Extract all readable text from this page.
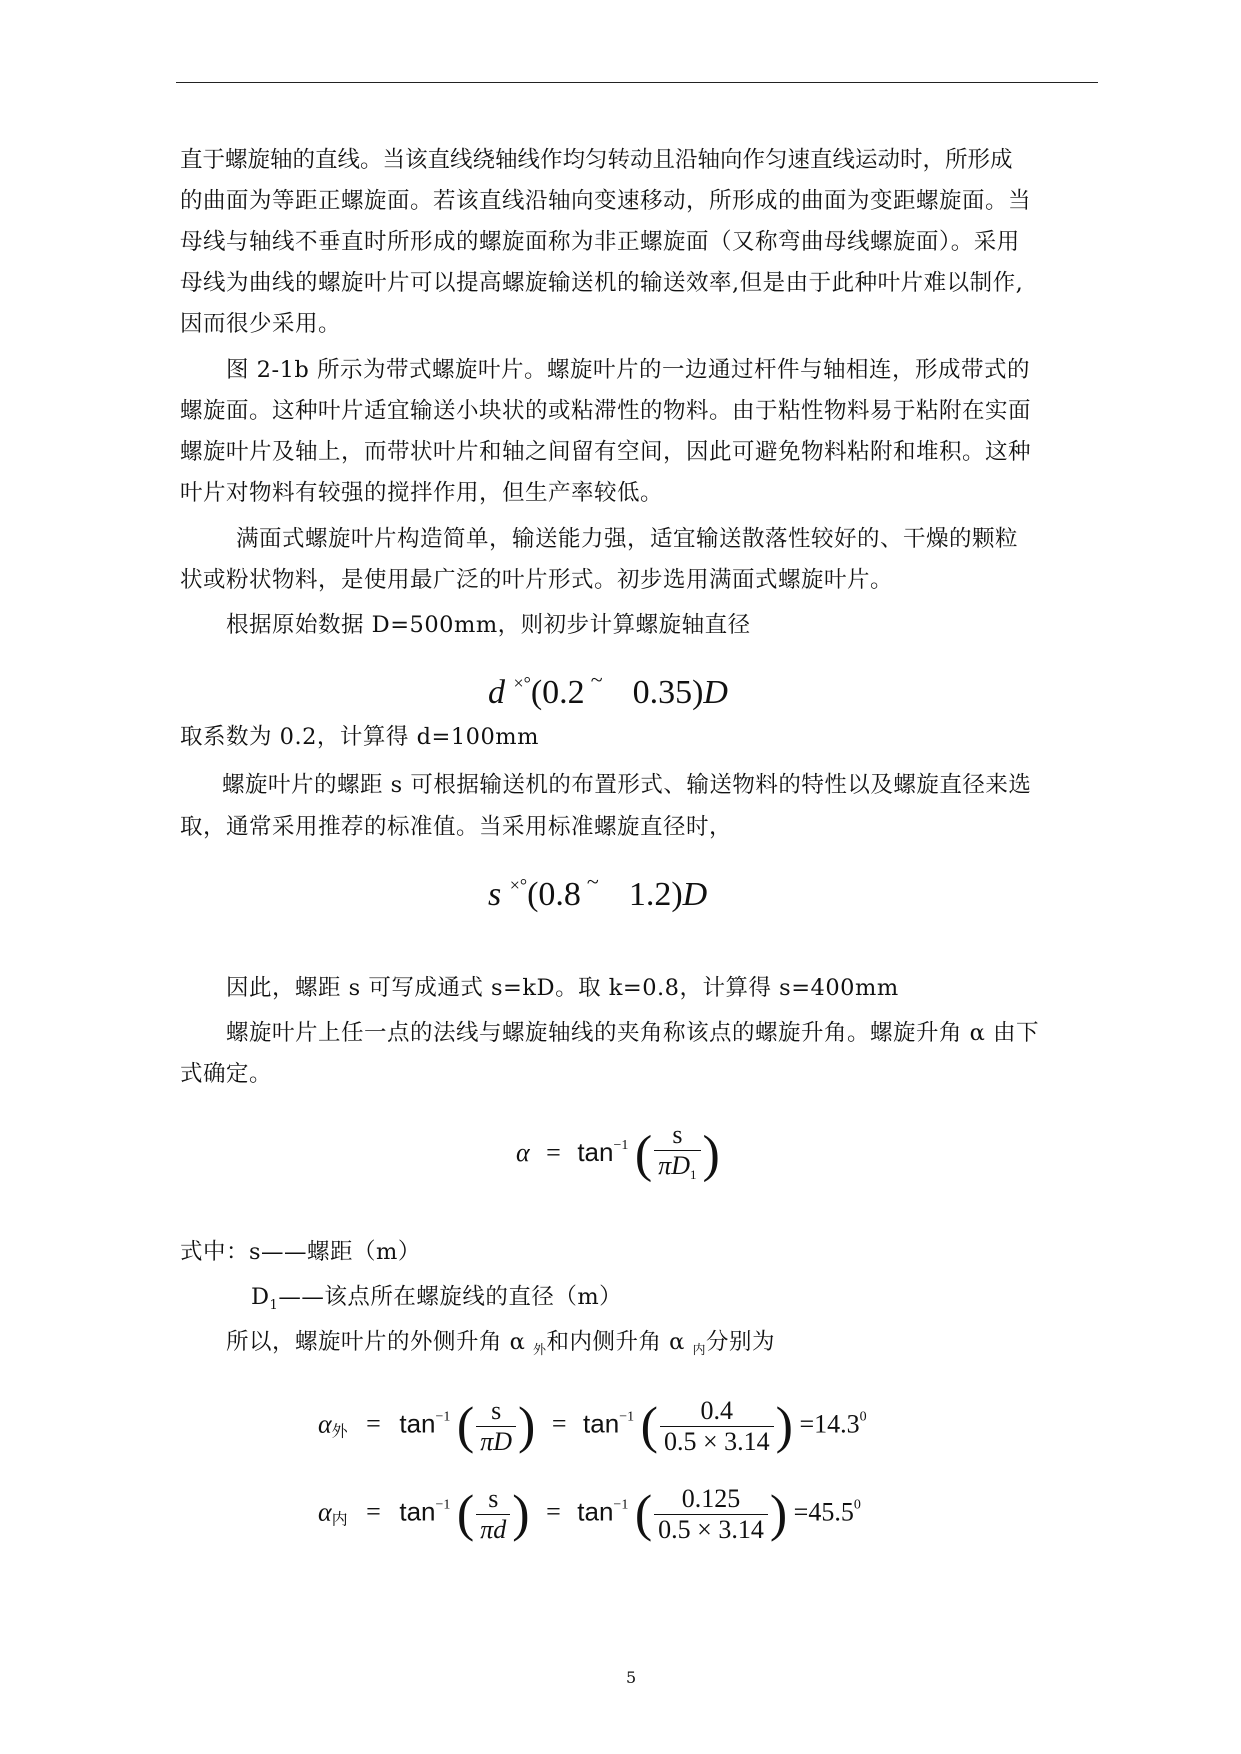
直于螺旋轴的直线。当该直线绕轴线作均匀转动且沿轴向作匀速直线运动时，所形成
的曲面为等距正螺旋面。若该直线沿轴向变速移动，所形成的曲面为变距螺旋面。当
母线与轴线不垂直时所形成的螺旋面称为非正螺旋面（又称弯曲母线螺旋面）。采用
母线为曲线的螺旋叶片可以提高螺旋输送机的输送效率,但是由于此种叶片难以制作,
因而很少采用。
图 2-1b 所示为带式螺旋叶片。螺旋叶片的一边通过杆件与轴相连，形成带式的
螺旋面。这种叶片适宜输送小块状的或粘滞性的物料。由于粘性物料易于粘附在实面
螺旋叶片及轴上，而带状叶片和轴之间留有空间，因此可避免物料粘附和堆积。这种
叶片对物料有较强的搅拌作用，但生产率较低。
满面式螺旋叶片构造简单，输送能力强，适宜输送散落性较好的、干燥的颗粒
状或粉状物料，是使用最广泛的叶片形式。初步选用满面式螺旋叶片。
根据原始数据 D=500mm，则初步计算螺旋轴直径
d ×°(0.2 ~ 0.35)D
取系数为 0.2，计算得 d=100mm
螺旋叶片的螺距 s 可根据输送机的布置形式、输送物料的特性以及螺旋直径来选
取，通常采用推荐的标准值。当采用标准螺旋直径时，
s ×°(0.8 ~ 1.2)D
因此，螺距 s 可写成通式 s=kD。取 k=0.8，计算得 s=400mm
螺旋叶片上任一点的法线与螺旋轴线的夹角称该点的螺旋升角。螺旋升角 α 由下
式确定。
$\alpha = \tan^{-1}$ ( $\frac{s}{\pi D_1}$ )
式中：s——螺距（m）
$D_1——$该点所在螺旋线的直径（m）
所以，螺旋叶片的外侧升角 α $_外$和内侧升角 α $_内$分别为
α外 = $\tan^{-1}$ ( $\frac{s}{\pi D}$ ) = $\tan^{-1}$ ( $\frac{0.4}{0.5 \times 3.14}$ ) $=14.3^0$
α内 = $\tan^{-1}$ ( $\frac{s}{\pi d}$ ) = $\tan^{-1}$ ( $\frac{0.125}{0.5 \times 3.14}$ ) $=45.5^0$
5
